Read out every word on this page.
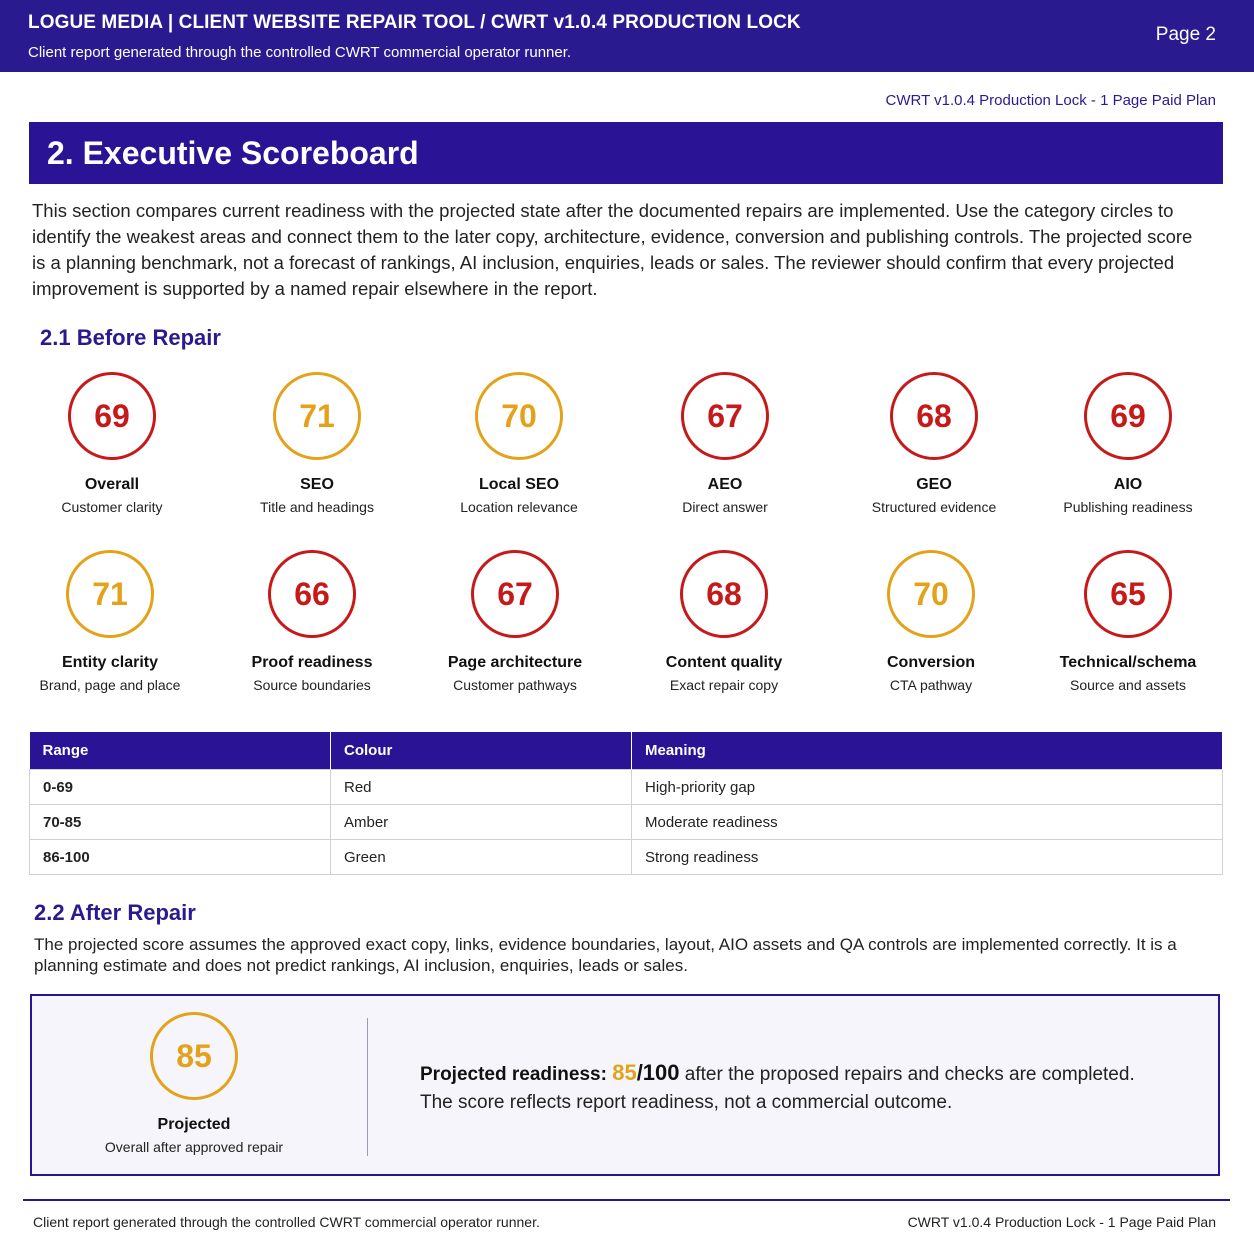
LOGUE MEDIA | CLIENT WEBSITE REPAIR TOOL / CWRT v1.0.4 PRODUCTION LOCK
Client report generated through the controlled CWRT commercial operator runner.
Page 2
CWRT v1.0.4 Production Lock - 1 Page Paid Plan
2. Executive Scoreboard
This section compares current readiness with the projected state after the documented repairs are implemented. Use the category circles to identify the weakest areas and connect them to the later copy, architecture, evidence, conversion and publishing controls. The projected score is a planning benchmark, not a forecast of rankings, AI inclusion, enquiries, leads or sales. The reviewer should confirm that every projected improvement is supported by a named repair elsewhere in the report.
2.1 Before Repair
69
Overall
Customer clarity
71
SEO
Title and headings
70
Local SEO
Location relevance
67
AEO
Direct answer
68
GEO
Structured evidence
69
AIO
Publishing readiness
71
Entity clarity
Brand, page and place
66
Proof readiness
Source boundaries
67
Page architecture
Customer pathways
68
Content quality
Exact repair copy
70
Conversion
CTA pathway
65
Technical/schema
Source and assets
Range	Colour	Meaning
0-69	Red	High-priority gap
70-85	Amber	Moderate readiness
86-100	Green	Strong readiness
2.2 After Repair
The projected score assumes the approved exact copy, links, evidence boundaries, layout, AIO assets and QA controls are implemented correctly. It is a planning estimate and does not predict rankings, AI inclusion, enquiries, leads or sales.
85
Projected
Overall after approved repair
Projected readiness: 85/100 after the proposed repairs and checks are completed.
The score reflects report readiness, not a commercial outcome.
Client report generated through the controlled CWRT commercial operator runner.	CWRT v1.0.4 Production Lock - 1 Page Paid Plan
